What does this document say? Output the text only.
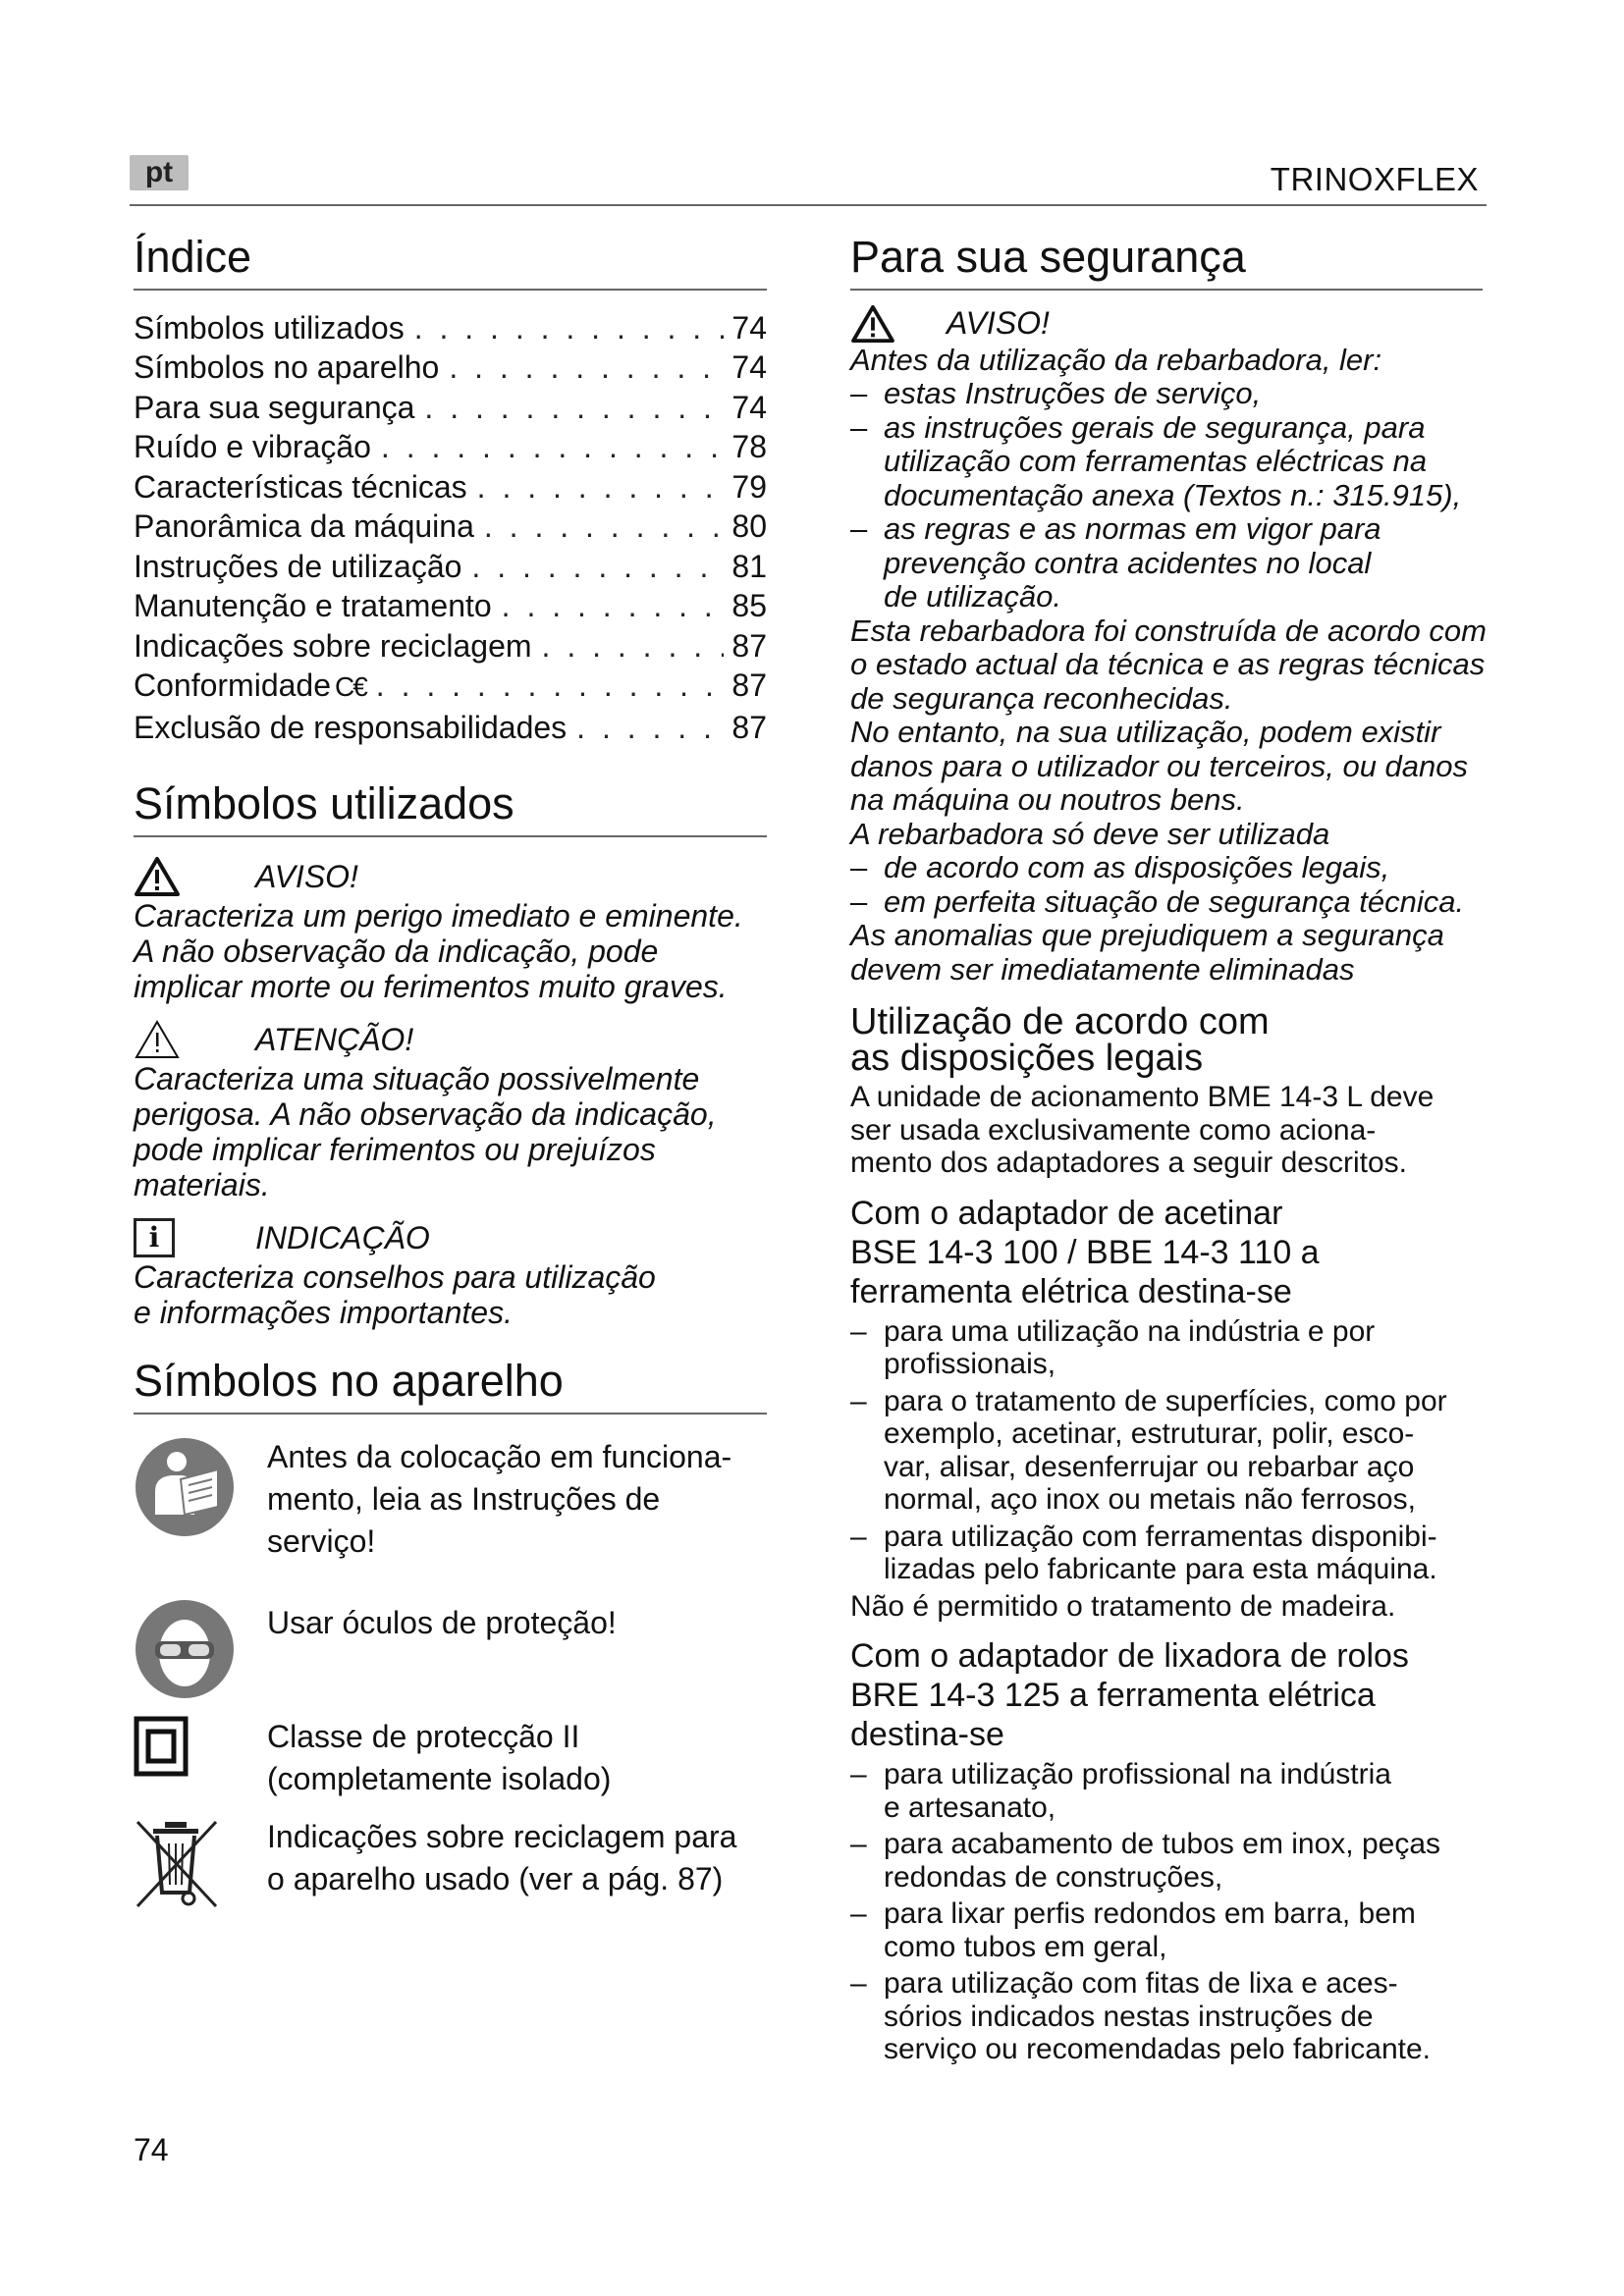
pt	TRINOXFLEX
Índice
Símbolos utilizados . . .	74
Símbolos no aparelho . . .	74
Para sua segurança . . .	74
Ruído e vibração . . .	78
Características técnicas . . .	79
Panorâmica da máquina . . .	80
Instruções de utilização . . .	81
Manutenção e tratamento . . .	85
Indicações sobre reciclagem . . .	87
Conformidade C€ . . .	87
Exclusão de responsabilidades . . .	87
Símbolos utilizados
AVISO!

Caracteriza um perigo imediato e eminente.
A não observação da indicação, pode
implicar morte ou ferimentos muito graves.

ATENÇÃO!

Caracteriza uma situação possivelmente
perigosa. A não observação da indicação,
pode implicar ferimentos ou prejuízos
materiais.

i	INDICAÇÃO

Caracteriza conselhos para utilização
e informações importantes.

Símbolos no aparelho
Antes da colocação em funciona-
mento, leia as Instruções de
serviço!
Usar óculos de proteção!
Classe de protecção II
(completamente isolado)
Indicações sobre reciclagem para
o aparelho usado (ver a pág. 87)
Para sua segurança
AVISO!

Antes da utilização da rebarbadora, ler:

– estas Instruções de serviço,
– as instruções gerais de segurança, para
utilização com ferramentas eléctricas na
documentação anexa (Textos n.: 315.915),
– as regras e as normas em vigor para
prevenção contra acidentes no local
de utilização.

Esta rebarbadora foi construída de acordo com
o estado actual da técnica e as regras técnicas
de segurança reconhecidas.
No entanto, na sua utilização, podem existir
danos para o utilizador ou terceiros, ou danos
na máquina ou noutros bens.
A rebarbadora só deve ser utilizada

– de acordo com as disposições legais,
– em perfeita situação de segurança técnica.

As anomalias que prejudiquem a segurança
devem ser imediatamente eliminadas

Utilização de acordo com
as disposições legais

A unidade de acionamento BME 14-3 L deve
ser usada exclusivamente como aciona-
mento dos adaptadores a seguir descritos.

Com o adaptador de acetinar
BSE 14-3 100 / BBE 14-3 110 a
ferramenta elétrica destina-se
– para uma utilização na indústria e por
profissionais,
– para o tratamento de superfícies, como por
exemplo, acetinar, estruturar, polir, esco-
var, alisar, desenferrujar ou rebarbar aço
normal, aço inox ou metais não ferrosos,
– para utilização com ferramentas disponibi-
lizadas pelo fabricante para esta máquina.

Não é permitido o tratamento de madeira.

Com o adaptador de lixadora de rolos
BRE 14-3 125 a ferramenta elétrica
destina-se
– para utilização profissional na indústria
e artesanato,
– para acabamento de tubos em inox, peças
redondas de construções,
– para lixar perfis redondos em barra, bem
como tubos em geral,
– para utilização com fitas de lixa e aces-
sórios indicados nestas instruções de
serviço ou recomendadas pelo fabricante.
74
